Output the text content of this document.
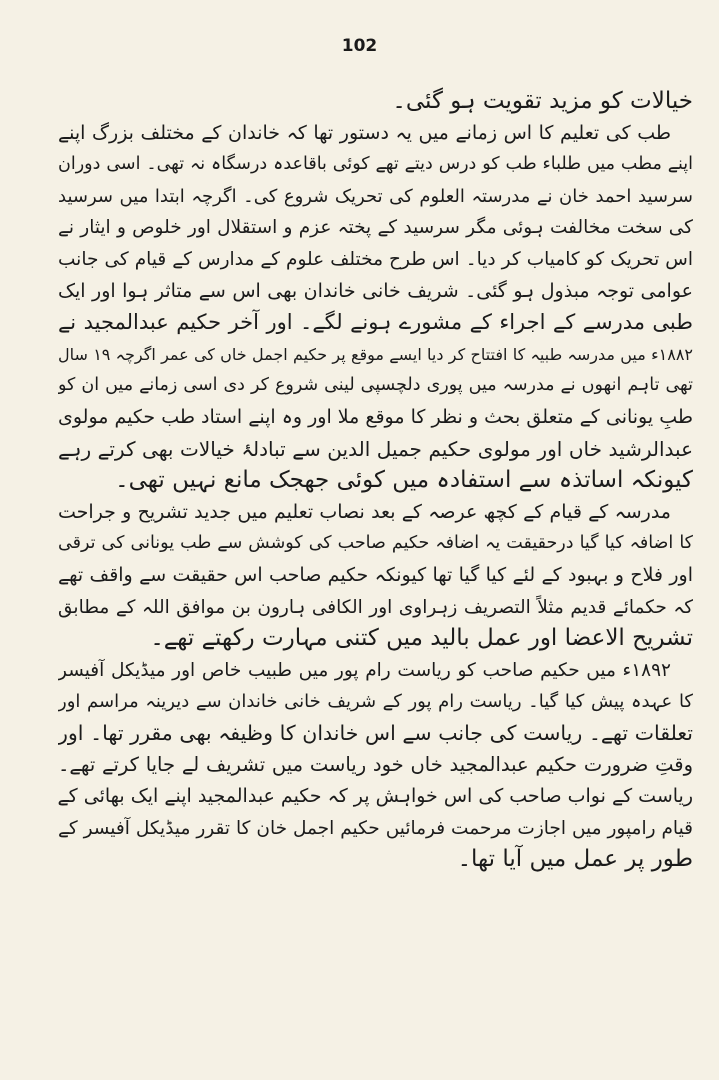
102
خیالات کو مزید تقویت ہو گئی۔
طب کی تعلیم کا اس زمانے میں یہ دستور تھا کہ خاندان کے مختلف بزرگ اپنے
اپنے مطب میں طلباء طب کو درس دیتے تھے کوئی باقاعدہ درسگاہ نہ تھی۔ اسی دوران
سرسید احمد خان نے مدرستہ العلوم کی تحریک شروع کی۔ اگرچہ ابتدا میں سرسید
کی سخت مخالفت ہوئی مگر سرسید کے پختہ عزم و استقلال اور خلوص و ایثار نے
اس تحریک کو کامیاب کر دیا۔ اس طرح مختلف علوم کے مدارس کے قیام کی جانب
عوامی توجہ مبذول ہو گئی۔ شریف خانی خاندان بھی اس سے متاثر ہوا اور ایک
طبی مدرسے کے اجراء کے مشورے ہونے لگے۔ اور آخر حکیم عبدالمجید نے
۱۸۸۲ء میں مدرسہ طبیہ کا افتتاح کر دیا ایسے موقع پر حکیم اجمل خاں کی عمر اگرچہ ۱۹ سال
تھی تاہم انھوں نے مدرسہ میں پوری دلچسپی لینی شروع کر دی اسی زمانے میں ان کو
طبِ یونانی کے متعلق بحث و نظر کا موقع ملا اور وہ اپنے استاد طب حکیم مولوی
عبدالرشید خاں اور مولوی حکیم جمیل الدین سے تبادلۂ خیالات بھی کرتے رہے
کیونکہ اساتذہ سے استفادہ میں کوئی جھجک مانع نہیں تھی۔
مدرسہ کے قیام کے کچھ عرصہ کے بعد نصاب تعلیم میں جدید تشریح و جراحت
کا اضافہ کیا گیا درحقیقت یہ اضافہ حکیم صاحب کی کوشش سے طب یونانی کی ترقی
اور فلاح و بہبود کے لئے کیا گیا تھا کیونکہ حکیم صاحب اس حقیقت سے واقف تھے
کہ حکمائے قدیم مثلاً التصریف زہراوی اور الکافی ہارون بن موافق اللہ کے مطابق
تشریح الاعضا اور عمل بالید میں کتنی مہارت رکھتے تھے۔
۱۸۹۲ء میں حکیم صاحب کو ریاست رام پور میں طبیب خاص اور میڈیکل آفیسر
کا عہدہ پیش کیا گیا۔ ریاست رام پور کے شریف خانی خاندان سے دیرینہ مراسم اور
تعلقات تھے۔ ریاست کی جانب سے اس خاندان کا وظیفہ بھی مقرر تھا۔ اور
وقتِ ضرورت حکیم عبدالمجید خاں خود ریاست میں تشریف لے جایا کرتے تھے۔
ریاست کے نواب صاحب کی اس خواہش پر کہ حکیم عبدالمجید اپنے ایک بھائی کے
قیام رامپور میں اجازت مرحمت فرمائیں حکیم اجمل خان کا تقرر میڈیکل آفیسر کے
طور پر عمل میں آیا تھا۔
